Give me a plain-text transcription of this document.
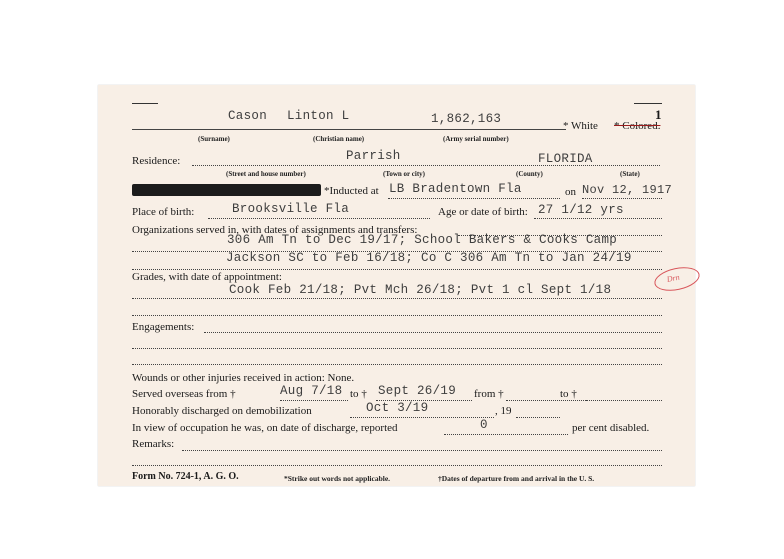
1
Cason Linton L	1,862,163	* White * Colored.
(Surname)	(Christian name)	(Army serial number)
Residence:	Parrish	FLORIDA
(Street and house number)	(Town or city)	(County)	(State)
*Inducted at LB Bradentown Fla	on Nov 12, 1917
Place of birth:	Brooksville Fla	Age or date of birth: 27 1/12 yrs
Organizations served in, with dates of assignments and transfers:
306 Am Tn to Dec 19/17; School Bakers & Cooks Camp
Jackson SC to Feb 16/18; Co C 306 Am Tn to Jan 24/19
Grades, with date of appointment:
Cook Feb 21/18; Pvt Mch 26/18; Pvt 1 cl Sept 1/18
Drn
Engagements:
Wounds or other injuries received in action: None.
Served overseas from †	Aug 7/18 to † Sept 26/19 from †	to †
Honorably discharged on demobilization	Oct 3/19	, 19
In view of occupation he was, on date of discharge, reported	0	per cent disabled.
Remarks:
Form No. 724-1, A. G. O.	*Strike out words not applicable.	†Dates of departure from and arrival in the U. S.
